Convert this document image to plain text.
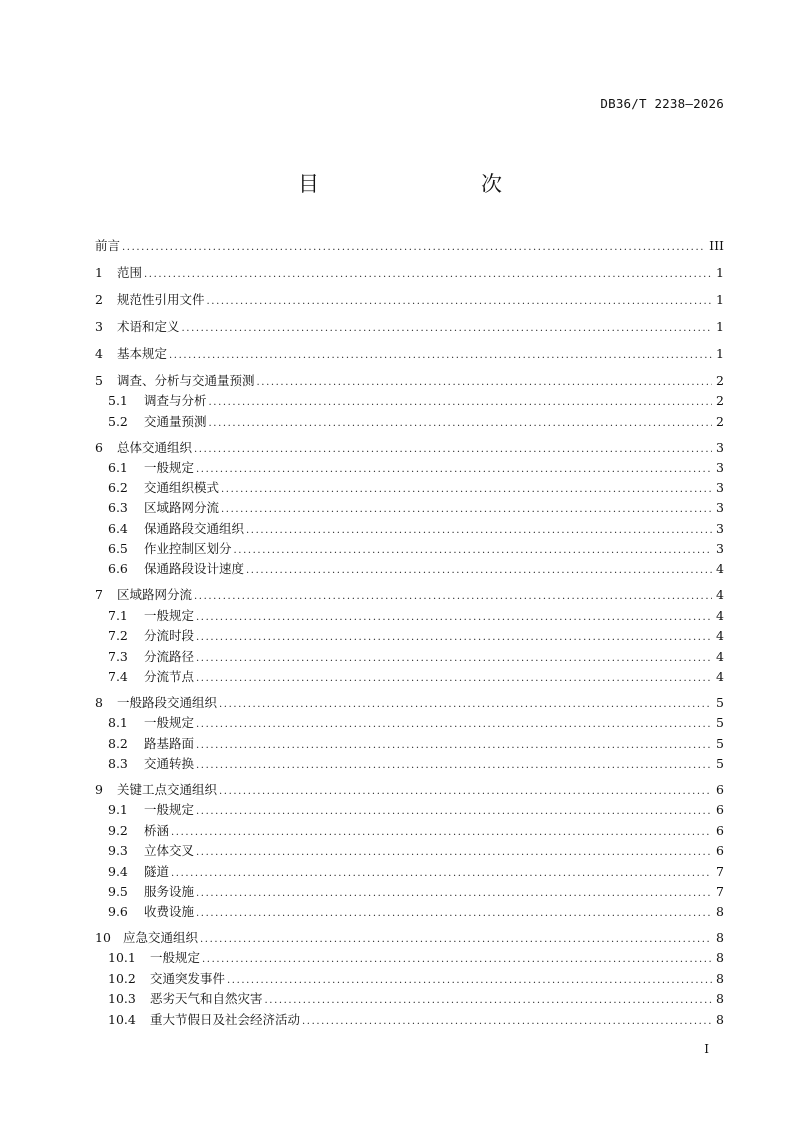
DB36/T 2238—2026
目　　次
前言 .....	III
1	范围 .....	1
2	规范性引用文件 .....	1
3	术语和定义 .....	1
4	基本规定 .....	1
5	调查、分析与交通量预测 .....	2
5.1	调查与分析 .....	2
5.2	交通量预测 .....	2
6	总体交通组织 .....	3
6.1	一般规定 .....	3
6.2	交通组织模式 .....	3
6.3	区域路网分流 .....	3
6.4	保通路段交通组织 .....	3
6.5	作业控制区划分 .....	3
6.6	保通路段设计速度 .....	4
7	区域路网分流 .....	4
7.1	一般规定 .....	4
7.2	分流时段 .....	4
7.3	分流路径 .....	4
7.4	分流节点 .....	4
8	一般路段交通组织 .....	5
8.1	一般规定 .....	5
8.2	路基路面 .....	5
8.3	交通转换 .....	5
9	关键工点交通组织 .....	6
9.1	一般规定 .....	6
9.2	桥涵 .....	6
9.3	立体交叉 .....	6
9.4	隧道 .....	7
9.5	服务设施 .....	7
9.6	收费设施 .....	8
10 应急交通组织 .....	8
10.1	一般规定 .....	8
10.2	交通突发事件 .....	8
10.3	恶劣天气和自然灾害 .....	8
10.4	重大节假日及社会经济活动 .....	8
I
